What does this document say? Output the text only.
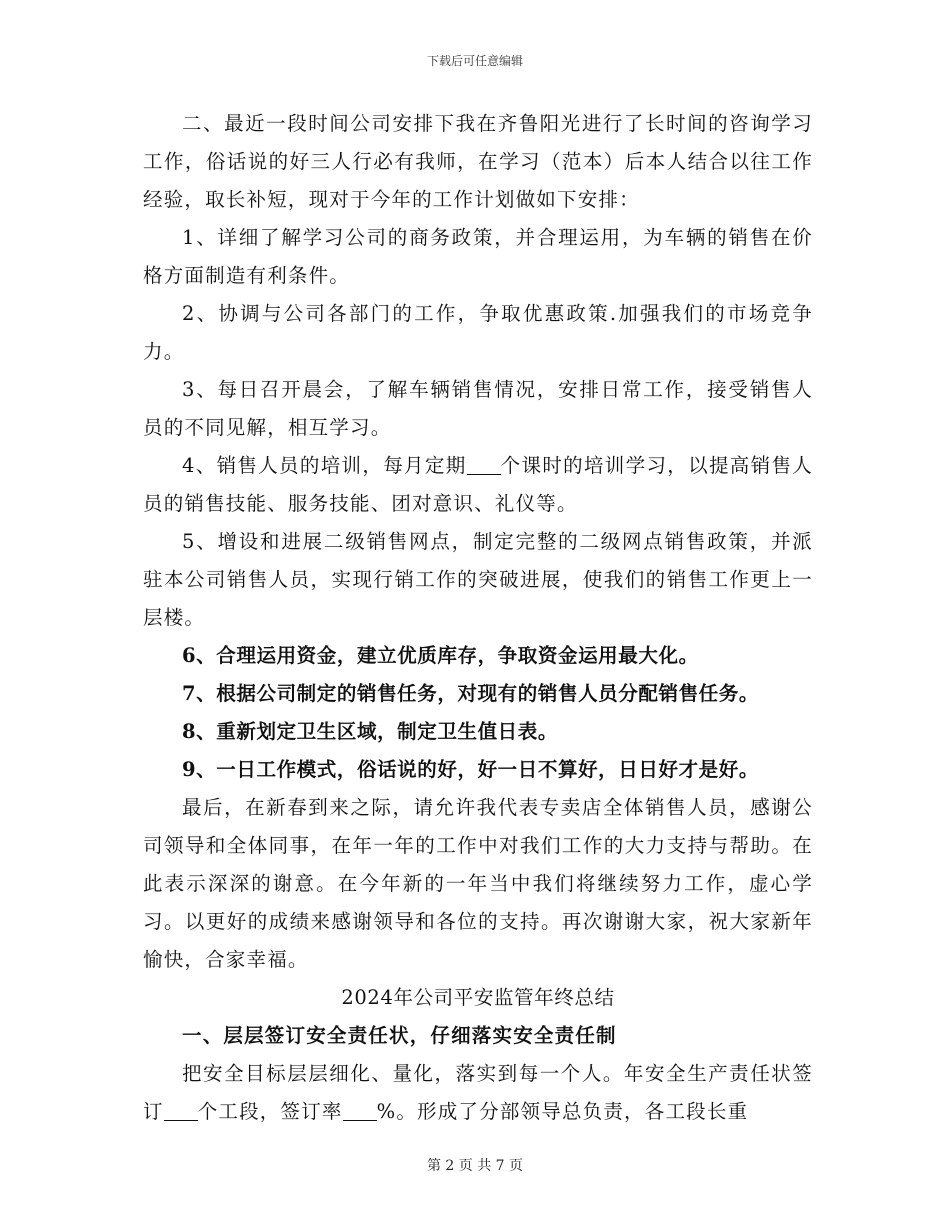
下载后可任意编辑

二、最近一段时间公司安排下我在齐鲁阳光进行了长时间的咨询学习工作，俗话说的好三人行必有我师，在学习（范本）后本人结合以往工作经验，取长补短，现对于今年的工作计划做如下安排：

1、详细了解学习公司的商务政策，并合理运用，为车辆的销售在价格方面制造有利条件。

2、协调与公司各部门的工作，争取优惠政策.加强我们的市场竞争力。

3、每日召开晨会，了解车辆销售情况，安排日常工作，接受销售人员的不同见解，相互学习。

4、销售人员的培训，每月定期 个课时的培训学习，以提高销售人员的销售技能、服务技能、团对意识、礼仪等。

5、增设和进展二级销售网点，制定完整的二级网点销售政策，并派驻本公司销售人员，实现行销工作的突破进展，使我们的销售工作更上一层楼。

6、合理运用资金，建立优质库存，争取资金运用最大化。

7、根据公司制定的销售任务，对现有的销售人员分配销售任务。

8、重新划定卫生区域，制定卫生值日表。

9、一日工作模式，俗话说的好，好一日不算好，日日好才是好。

最后，在新春到来之际，请允许我代表专卖店全体销售人员，感谢公司领导和全体同事，在年一年的工作中对我们工作的大力支持与帮助。在此表示深深的谢意。在今年新的一年当中我们将继续努力工作，虚心学习。以更好的成绩来感谢领导和各位的支持。再次谢谢大家，祝大家新年愉快，合家幸福。

2024年公司平安监管年终总结

一、层层签订安全责任状，仔细落实安全责任制

把安全目标层层细化、量化，落实到每一个人。年安全生产责任状签订 个工段，签订率 %。形成了分部领导总负责，各工段长重

第 2 页 共 7 页
